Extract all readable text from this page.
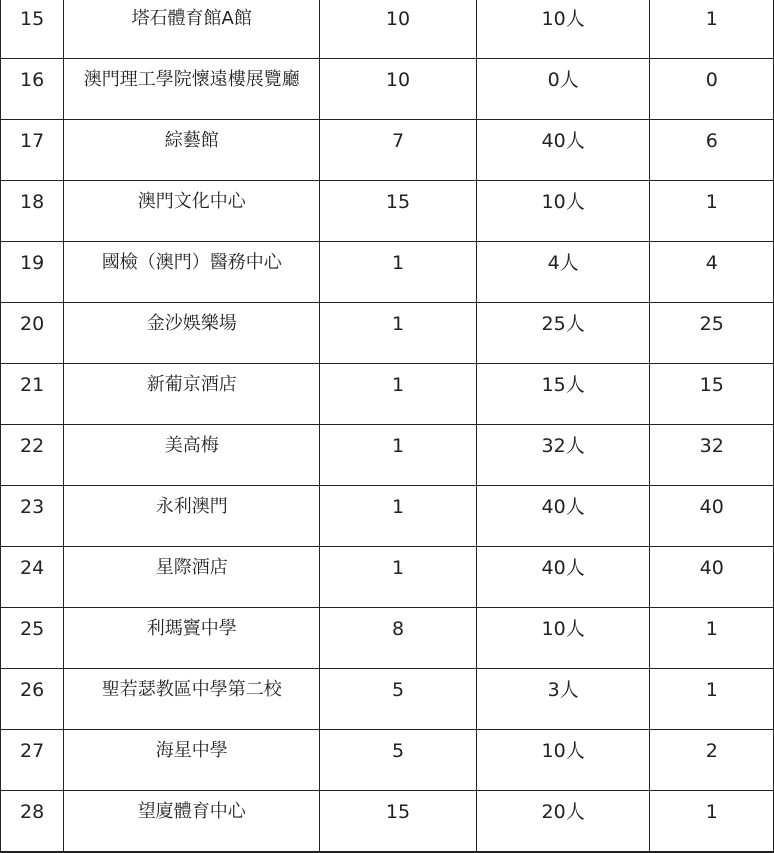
15	塔石體育館A館	10	10人	1

16	澳門理工學院懷遠樓展覽廳	10	0人	0

17	綜藝館	7	40人	6

18	澳門文化中心	15	10人	1

19	國檢（澳門）醫務中心	1	4人	4

20	金沙娛樂場	1	25人	25

21	新葡京酒店	1	15人	15

22	美高梅	1	32人	32

23	永利澳門	1	40人	40

24	星際酒店	1	40人	40

25	利瑪竇中學	8	10人	1

26	聖若瑟教區中學第二校	5	3人	1

27	海星中學	5	10人	2

28	望廈體育中心	15	20人	1
